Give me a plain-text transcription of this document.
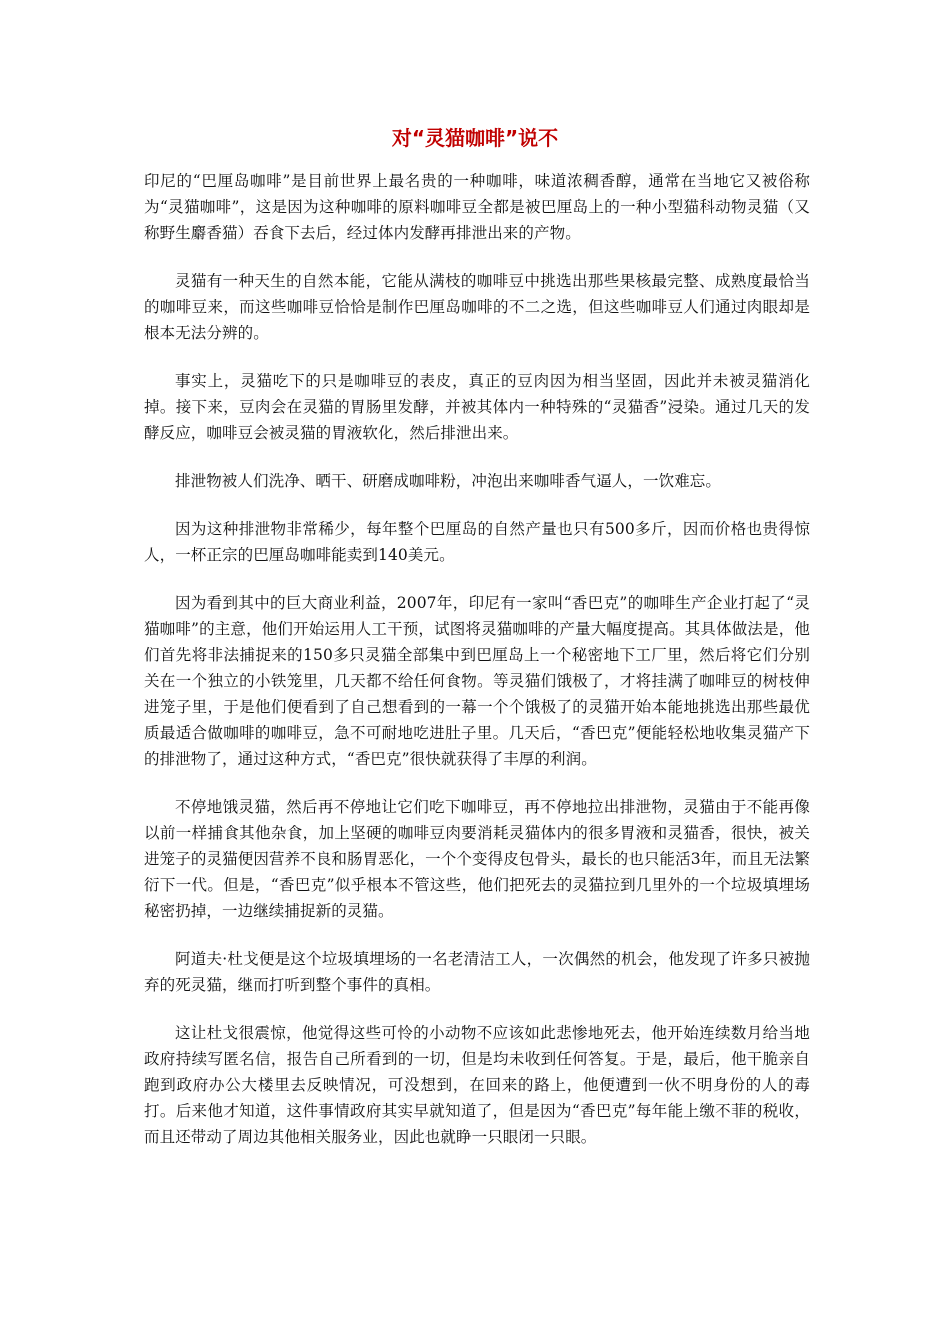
对“灵猫咖啡”说不

印尼的“巴厘岛咖啡”是目前世界上最名贵的一种咖啡，味道浓稠香醇，通常在当地它又被俗称为“灵猫咖啡”，这是因为这种咖啡的原料咖啡豆全都是被巴厘岛上的一种小型猫科动物灵猫（又称野生麝香猫）吞食下去后，经过体内发酵再排泄出来的产物。

灵猫有一种天生的自然本能，它能从满枝的咖啡豆中挑选出那些果核最完整、成熟度最恰当的咖啡豆来，而这些咖啡豆恰恰是制作巴厘岛咖啡的不二之选，但这些咖啡豆人们通过肉眼却是根本无法分辨的。

事实上，灵猫吃下的只是咖啡豆的表皮，真正的豆肉因为相当坚固，因此并未被灵猫消化掉。接下来，豆肉会在灵猫的胃肠里发酵，并被其体内一种特殊的“灵猫香”浸染。通过几天的发酵反应，咖啡豆会被灵猫的胃液软化，然后排泄出来。

排泄物被人们洗净、晒干、研磨成咖啡粉，冲泡出来咖啡香气逼人，一饮难忘。

因为这种排泄物非常稀少，每年整个巴厘岛的自然产量也只有500多斤，因而价格也贵得惊人，一杯正宗的巴厘岛咖啡能卖到140美元。

因为看到其中的巨大商业利益，2007年，印尼有一家叫“香巴克”的咖啡生产企业打起了“灵猫咖啡”的主意，他们开始运用人工干预，试图将灵猫咖啡的产量大幅度提高。其具体做法是，他们首先将非法捕捉来的150多只灵猫全部集中到巴厘岛上一个秘密地下工厂里，然后将它们分别关在一个独立的小铁笼里，几天都不给任何食物。等灵猫们饿极了，才将挂满了咖啡豆的树枝伸进笼子里，于是他们便看到了自己想看到的一幕一个个饿极了的灵猫开始本能地挑选出那些最优质最适合做咖啡的咖啡豆，急不可耐地吃进肚子里。几天后，“香巴克”便能轻松地收集灵猫产下的排泄物了，通过这种方式，“香巴克”很快就获得了丰厚的利润。

不停地饿灵猫，然后再不停地让它们吃下咖啡豆，再不停地拉出排泄物，灵猫由于不能再像以前一样捕食其他杂食，加上坚硬的咖啡豆肉要消耗灵猫体内的很多胃液和灵猫香，很快，被关进笼子的灵猫便因营养不良和肠胃恶化，一个个变得皮包骨头，最长的也只能活3年，而且无法繁衍下一代。但是，“香巴克”似乎根本不管这些，他们把死去的灵猫拉到几里外的一个垃圾填埋场秘密扔掉，一边继续捕捉新的灵猫。

阿道夫·杜戈便是这个垃圾填埋场的一名老清洁工人，一次偶然的机会，他发现了许多只被抛弃的死灵猫，继而打听到整个事件的真相。

这让杜戈很震惊，他觉得这些可怜的小动物不应该如此悲惨地死去，他开始连续数月给当地政府持续写匿名信，报告自己所看到的一切，但是均未收到任何答复。于是，最后，他干脆亲自跑到政府办公大楼里去反映情况，可没想到，在回来的路上，他便遭到一伙不明身份的人的毒打。后来他才知道，这件事情政府其实早就知道了，但是因为“香巴克”每年能上缴不菲的税收，而且还带动了周边其他相关服务业，因此也就睁一只眼闭一只眼。
